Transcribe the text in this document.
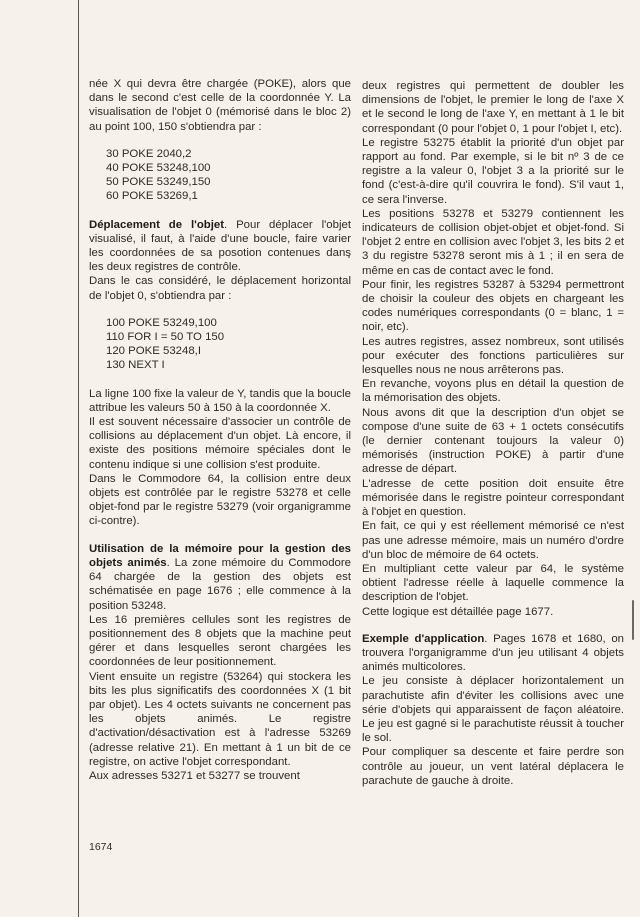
née X qui devra être chargée (POKE), alors que dans le second c'est celle de la coordonnée Y. La visualisation de l'objet 0 (mémorisé dans le bloc 2) au point 100, 150 s'obtiendra par :

30 POKE 2040,2
40 POKE 53248,100
50 POKE 53249,150
60 POKE 53269,1

Déplacement de l'objet. Pour déplacer l'objet visualisé, il faut, à l'aide d'une boucle, faire varier les coordonnées de sa posotion contenues dans les deux registres de contrôle.

Dans le cas considéré, le déplacement horizontal de l'objet 0, s'obtiendra par :

100 POKE 53249,100
110 FOR I = 50 TO 150
120 POKE 53248,I
130 NEXT I

La ligne 100 fixe la valeur de Y, tandis que la boucle attribue les valeurs 50 à 150 à la coordonnée X.

Il est souvent nécessaire d'associer un contrôle de collisions au déplacement d'un objet. Là encore, il existe des positions mémoire spéciales dont le contenu indique si une collision s'est produite.

Dans le Commodore 64, la collision entre deux objets est contrôlée par le registre 53278 et celle objet-fond par le registre 53279 (voir organigramme ci-contre).

Utilisation de la mémoire pour la gestion des objets animés. La zone mémoire du Commodore 64 chargée de la gestion des objets est schématisée en page 1676 ; elle commence à la position 53248.

Les 16 premières cellules sont les registres de positionnement des 8 objets que la machine peut gérer et dans lesquelles seront chargées les coordonnées de leur positionnement.

Vient ensuite un registre (53264) qui stockera les bits les plus significatifs des coordonnées X (1 bit par objet). Les 4 octets suivants ne concernent pas les objets animés. Le registre d'activation/désactivation est à l'adresse 53269 (adresse relative 21). En mettant à 1 un bit de ce registre, on active l'objet correspondant.

Aux adresses 53271 et 53277 se trouvent

deux registres qui permettent de doubler les dimensions de l'objet, le premier le long de l'axe X et le second le long de l'axe Y, en mettant à 1 le bit correspondant (0 pour l'objet 0, 1 pour l'objet I, etc).

Le registre 53275 établit la priorité d'un objet par rapport au fond. Par exemple, si le bit nº 3 de ce registre a la valeur 0, l'objet 3 a la priorité sur le fond (c'est-à-dire qu'il couvrira le fond). S'il vaut 1, ce sera l'inverse.

Les positions 53278 et 53279 contiennent les indicateurs de collision objet-objet et objet-fond. Si l'objet 2 entre en collision avec l'objet 3, les bits 2 et 3 du registre 53278 seront mis à 1 ; il en sera de même en cas de contact avec le fond.

Pour finir, les registres 53287 à 53294 permettront de choisir la couleur des objets en chargeant les codes numériques correspondants (0 = blanc, 1 = noir, etc).

Les autres registres, assez nombreux, sont utilisés pour exécuter des fonctions particulières sur lesquelles nous ne nous arrêterons pas.

En revanche, voyons plus en détail la question de la mémorisation des objets.

Nous avons dit que la description d'un objet se compose d'une suite de 63 + 1 octets consécutifs (le dernier contenant toujours la valeur 0) mémorisés (instruction POKE) à partir d'une adresse de départ.

L'adresse de cette position doit ensuite être mémorisée dans le registre pointeur correspondant à l'objet en question.

En fait, ce qui y est réellement mémorisé ce n'est pas une adresse mémoire, mais un numéro d'ordre d'un bloc de mémoire de 64 octets.

En multipliant cette valeur par 64, le système obtient l'adresse réelle à laquelle commence la description de l'objet.

Cette logique est détaillée page 1677.

Exemple d'application. Pages 1678 et 1680, on trouvera l'organigramme d'un jeu utilisant 4 objets animés multicolores.

Le jeu consiste à déplacer horizontalement un parachutiste afin d'éviter les collisions avec une série d'objets qui apparaissent de façon aléatoire. Le jeu est gagné si le parachutiste réussit à toucher le sol.

Pour compliquer sa descente et faire perdre son contrôle au joueur, un vent latéral déplacera le parachute de gauche à droite.

1674
